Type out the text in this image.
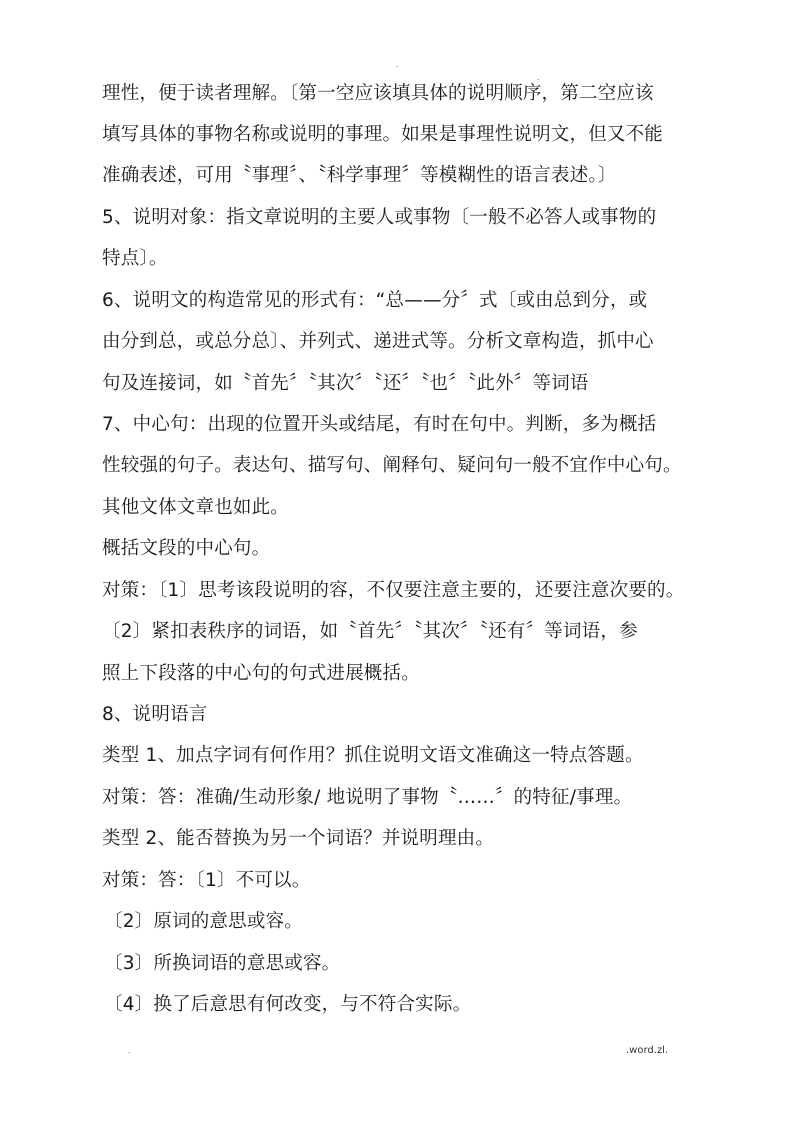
.
.
理性，便于读者理解。〔第一空应该填具体的说明顺序，第二空应该
填写具体的事物名称或说明的事理。如果是事理性说明文，但又不能
准确表述，可用〝事理〞、〝科学事理〞等模糊性的语言表述。〕
5、说明对象：指文章说明的主要人或事物〔一般不必答人或事物的
特点〕。
6、说明文的构造常见的形式有：“总——分〞式〔或由总到分，或
由分到总，或总分总〕、并列式、递进式等。分析文章构造，抓中心
句及连接词，如〝首先〞〝其次〞〝还〞〝也〞〝此外〞等词语
7、中心句：出现的位置开头或结尾，有时在句中。判断，多为概括
性较强的句子。表达句、描写句、阐释句、疑问句一般不宜作中心句。
其他文体文章也如此。
概括文段的中心句。
对策：〔1〕思考该段说明的容，不仅要注意主要的，还要注意次要的。
〔2〕紧扣表秩序的词语，如〝首先〞〝其次〞〝还有〞等词语，参
照上下段落的中心句的句式进展概括。
8、说明语言
类型 1、加点字词有何作用？抓住说明文语文准确这一特点答题。
对策：答：准确/生动形象/ 地说明了事物〝……〞的特征/事理。
类型 2、能否替换为另一个词语？并说明理由。
对策：答：〔1〕不可以。
〔2〕原词的意思或容。
〔3〕所换词语的意思或容。
〔4〕换了后意思有何改变，与不符合实际。
.	.word.zl.
